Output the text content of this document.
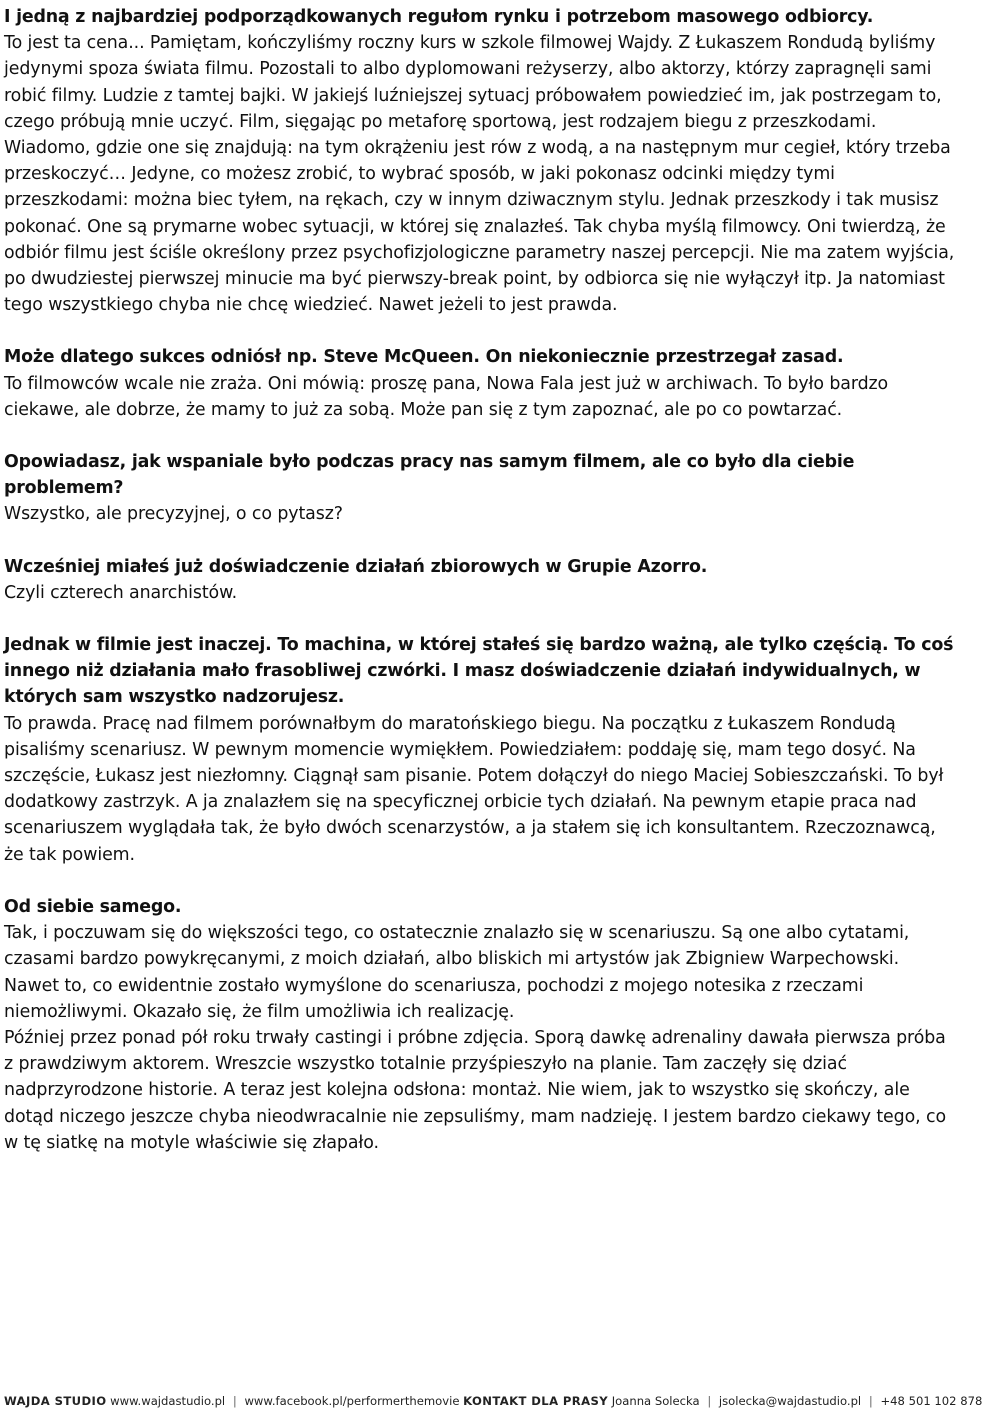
I jedną z najbardziej podporządkowanych regułom rynku i potrzebom masowego odbiorcy.

To jest ta cena... Pamiętam, kończyliśmy roczny kurs w szkole filmowej Wajdy. Z Łukaszem Rondudą byliśmy jedynymi spoza świata filmu. Pozostali to albo dyplomowani reżyserzy, albo aktorzy, którzy zapragnęli sami robić filmy. Ludzie z tamtej bajki. W jakiejś luźniejszej sytuacj próbowałem powiedzieć im, jak postrzegam to, czego próbują mnie uczyć. Film, sięgając po metaforę sportową, jest rodzajem biegu z przeszkodami. Wiadomo, gdzie one się znajdują: na tym okrążeniu jest rów z wodą, a na następnym mur cegieł, który trzeba przeskoczyć… Jedyne, co możesz zrobić, to wybrać sposób, w jaki pokonasz odcinki między tymi przeszkodami: można biec tyłem, na rękach, czy w innym dziwacznym stylu. Jednak przeszkody i tak musisz pokonać. One są prymarne wobec sytuacji, w której się znalazłeś. Tak chyba myślą filmowcy. Oni twierdzą, że odbiór filmu jest ściśle określony przez psychofizjologiczne parametry naszej percepcji. Nie ma zatem wyjścia, po dwudziestej pierwszej minucie ma być pierwszy-break point, by odbiorca się nie wyłączył itp. Ja natomiast tego wszystkiego chyba nie chcę wiedzieć. Nawet jeżeli to jest prawda.

Może dlatego sukces odniósł np. Steve McQueen. On niekoniecznie przestrzegał zasad.

To filmowców wcale nie zraża. Oni mówią: proszę pana, Nowa Fala jest już w archiwach. To było bardzo ciekawe, ale dobrze, że mamy to już za sobą. Może pan się z tym zapoznać, ale po co powtarzać.

Opowiadasz, jak wspaniale było podczas pracy nas samym filmem, ale co było dla ciebie problemem?

Wszystko, ale precyzyjnej, o co pytasz?

Wcześniej miałeś już doświadczenie działań zbiorowych w Grupie Azorro.

Czyli czterech anarchistów.

Jednak w filmie jest inaczej. To machina, w której stałeś się bardzo ważną, ale tylko częścią. To coś innego niż działania mało frasobliwej czwórki. I masz doświadczenie działań indywidualnych, w których sam wszystko nadzorujesz.

To prawda. Pracę nad filmem porównałbym do maratońskiego biegu. Na początku z Łukaszem Rondudą pisaliśmy scenariusz. W pewnym momencie wymiękłem. Powiedziałem: poddaję się, mam tego dosyć. Na szczęście, Łukasz jest niezłomny. Ciągnął sam pisanie. Potem dołączył do niego Maciej Sobieszczański. To był dodatkowy zastrzyk. A ja znalazłem się na specyficznej orbicie tych działań. Na pewnym etapie praca nad scenariuszem wyglądała tak, że było dwóch scenarzystów, a ja stałem się ich konsultantem. Rzeczoznawcą, że tak powiem.

Od siebie samego.

Tak, i poczuwam się do większości tego, co ostatecznie znalazło się w scenariuszu. Są one albo cytatami, czasami bardzo powykręcanymi, z moich działań, albo bliskich mi artystów jak Zbigniew Warpechowski. Nawet to, co ewidentnie zostało wymyślone do scenariusza, pochodzi z mojego notesika z rzeczami niemożliwymi. Okazało się, że film umożliwia ich realizację.

Później przez ponad pół roku trwały castingi i próbne zdjęcia. Sporą dawkę adrenaliny dawała pierwsza próba z prawdziwym aktorem. Wreszcie wszystko totalnie przyśpieszyło na planie. Tam zaczęły się dziać nadprzyrodzone historie. A teraz jest kolejna odsłona: montaż. Nie wiem, jak to wszystko się skończy, ale dotąd niczego jeszcze chyba nieodwracalnie nie zepsuliśmy, mam nadzieję. I jestem bardzo ciekawy tego, co w tę siatkę na motyle właściwie się złapało.

WAJDA STUDIO www.wajdastudio.pl | www.facebook.pl/performerthemovie KONTAKT DLA PRASY Joanna Solecka | jsolecka@wajdastudio.pl | +48 501 102 878
